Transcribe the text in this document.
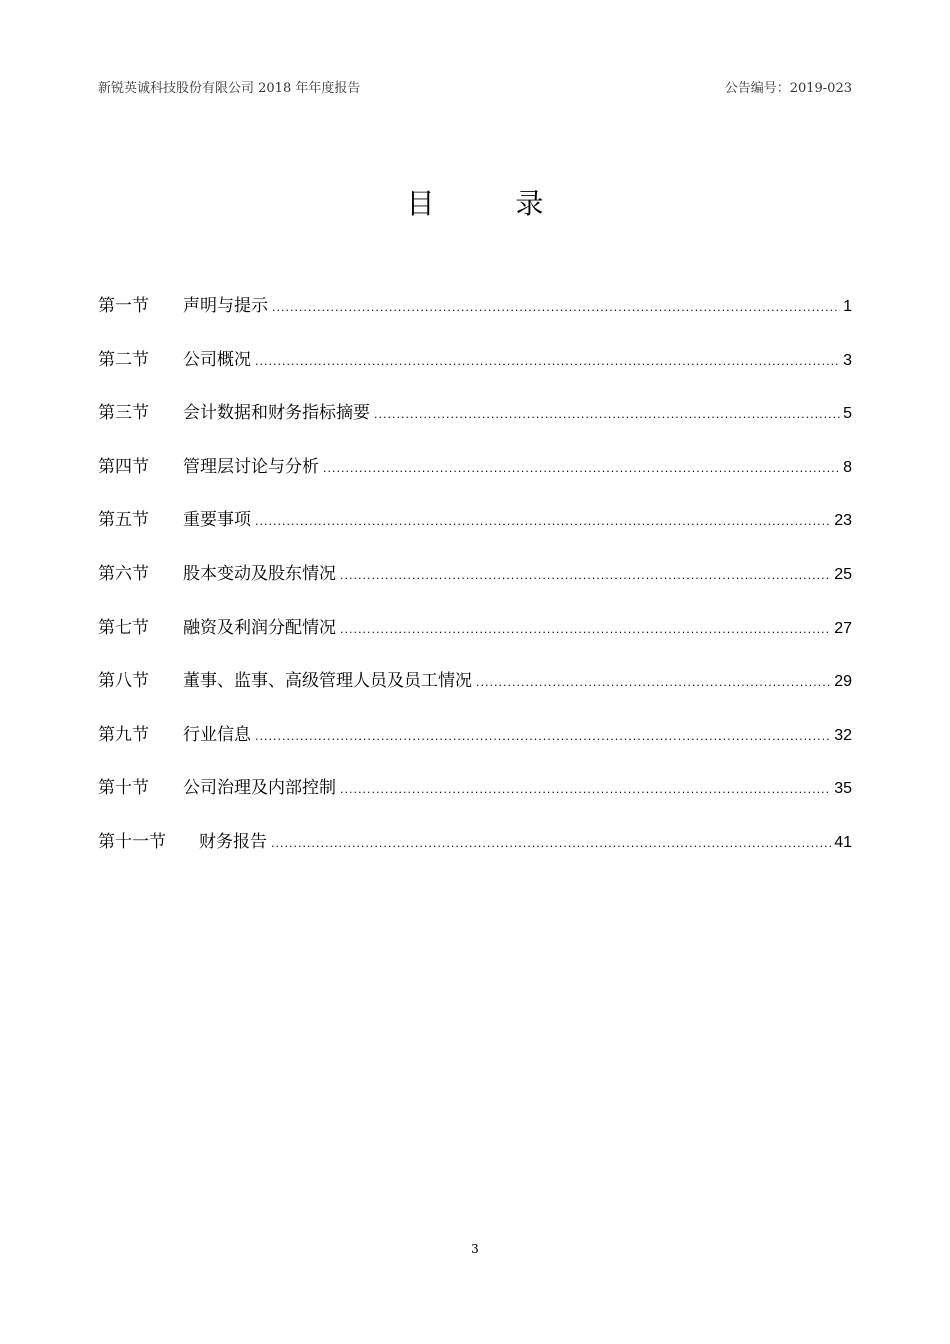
新锐英诚科技股份有限公司 2018 年年度报告	公告编号：2019-023
目 录
第一节	声明与提示 .....	1
第二节	公司概况 .....	3
第三节	会计数据和财务指标摘要 .....	5
第四节	管理层讨论与分析 .....	8
第五节	重要事项 .....	23
第六节	股本变动及股东情况 .....	25
第七节	融资及利润分配情况 .....	27
第八节	董事、监事、高级管理人员及员工情况 .....	29
第九节	行业信息 .....	32
第十节	公司治理及内部控制 .....	35
第十一节	财务报告 .....	41
3
